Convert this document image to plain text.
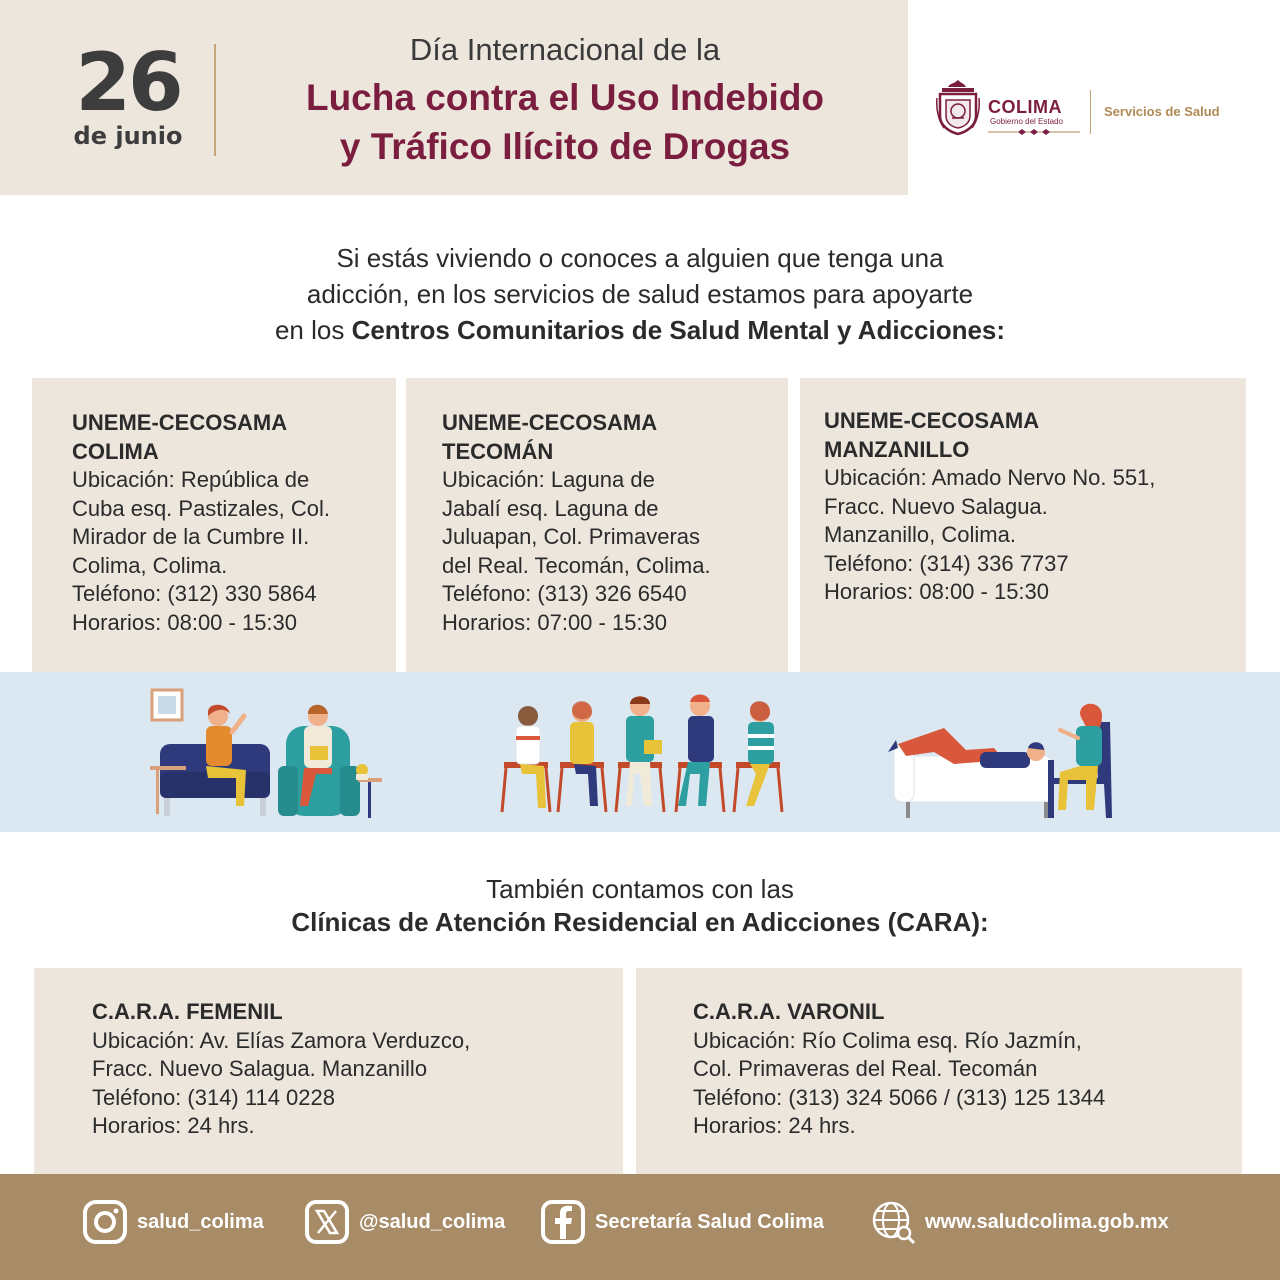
26
de junio
Día Internacional de la
Lucha contra el Uso Indebido
y Tráfico Ilícito de Drogas
COLIMA
Gobierno del Estado
Servicios de Salud
Si estás viviendo o conoces a alguien que tenga una
adicción, en los servicios de salud estamos para apoyarte
en los Centros Comunitarios de Salud Mental y Adicciones:
UNEME-CECOSAMA
COLIMA
Ubicación: República de
Cuba esq. Pastizales, Col.
Mirador de la Cumbre II.
Colima, Colima.
Teléfono: (312) 330 5864
Horarios: 08:00 - 15:30
UNEME-CECOSAMA
TECOMÁN
Ubicación: Laguna de
Jabalí esq. Laguna de
Juluapan, Col. Primaveras
del Real. Tecomán, Colima.
Teléfono: (313) 326 6540
Horarios: 07:00 - 15:30
UNEME-CECOSAMA
MANZANILLO
Ubicación: Amado Nervo No. 551,
Fracc. Nuevo Salagua.
Manzanillo, Colima.
Teléfono: (314) 336 7737
Horarios: 08:00 - 15:30
También contamos con las
Clínicas de Atención Residencial en Adicciones (CARA):
C.A.R.A. FEMENIL
Ubicación: Av. Elías Zamora Verduzco,
Fracc. Nuevo Salagua. Manzanillo
Teléfono: (314) 114 0228
Horarios: 24 hrs.
C.A.R.A. VARONIL
Ubicación: Río Colima esq. Río Jazmín,
Col. Primaveras del Real. Tecomán
Teléfono: (313) 324 5066 / (313) 125 1344
Horarios: 24 hrs.
salud_colima	@salud_colima	Secretaría Salud Colima	www.saludcolima.gob.mx
